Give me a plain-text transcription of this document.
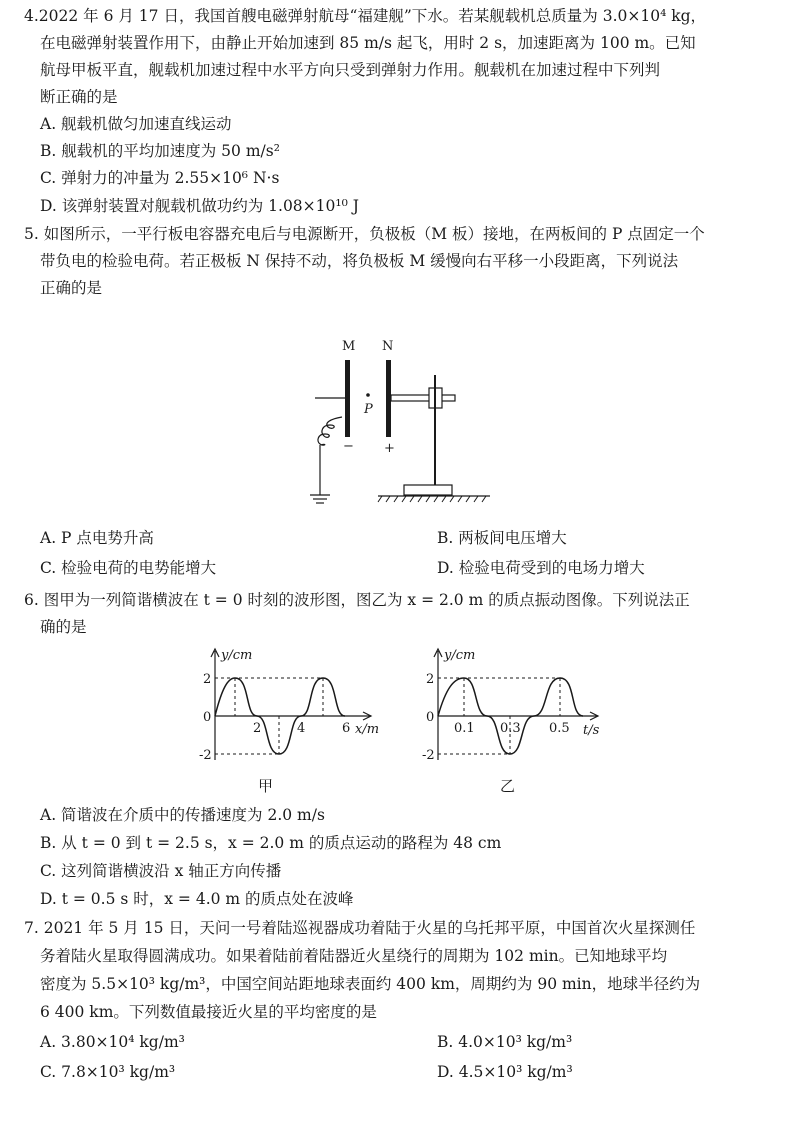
4.2022 年 6 月 17 日，我国首艘电磁弹射航母“福建舰”下水。若某舰载机总质量为 3.0×10⁴ kg，
在电磁弹射装置作用下，由静止开始加速到 85 m/s 起飞，用时 2 s，加速距离为 100 m。已知
航母甲板平直，舰载机加速过程中水平方向只受到弹射力作用。舰载机在加速过程中下列判
断正确的是
A. 舰载机做匀加速直线运动
B. 舰载机的平均加速度为 50 m/s²
C. 弹射力的冲量为 2.55×10⁶ N·s
D. 该弹射装置对舰载机做功约为 1.08×10¹⁰ J
5. 如图所示，一平行板电容器充电后与电源断开，负极板（M 板）接地，在两板间的 P 点固定一个
带负电的检验电荷。若正极板 N 保持不动，将负极板 M 缓慢向右平移一小段距离，下列说法
正确的是
M N
P
− +
A. P 点电势升高	B. 两板间电压增大
C. 检验电荷的电势能增大	D. 检验电荷受到的电场力增大
6. 图甲为一列简谐横波在 t = 0 时刻的波形图，图乙为 x = 2.0 m 的质点振动图像。下列说法正
确的是
y/cm
2
0
-2
2	4	6 x/m
甲
y/cm
2
0
-2
0.1 0.3 0.5 t/s
乙
A. 简谐波在介质中的传播速度为 2.0 m/s
B. 从 t = 0 到 t = 2.5 s，x = 2.0 m 的质点运动的路程为 48 cm
C. 这列简谐横波沿 x 轴正方向传播
D. t = 0.5 s 时，x = 4.0 m 的质点处在波峰
7. 2021 年 5 月 15 日，天问一号着陆巡视器成功着陆于火星的乌托邦平原，中国首次火星探测任
务着陆火星取得圆满成功。如果着陆前着陆器近火星绕行的周期为 102 min。已知地球平均
密度为 5.5×10³ kg/m³，中国空间站距地球表面约 400 km，周期约为 90 min，地球半径约为
6 400 km。下列数值最接近火星的平均密度的是
A. 3.80×10⁴ kg/m³	B. 4.0×10³ kg/m³
C. 7.8×10³ kg/m³	D. 4.5×10³ kg/m³
